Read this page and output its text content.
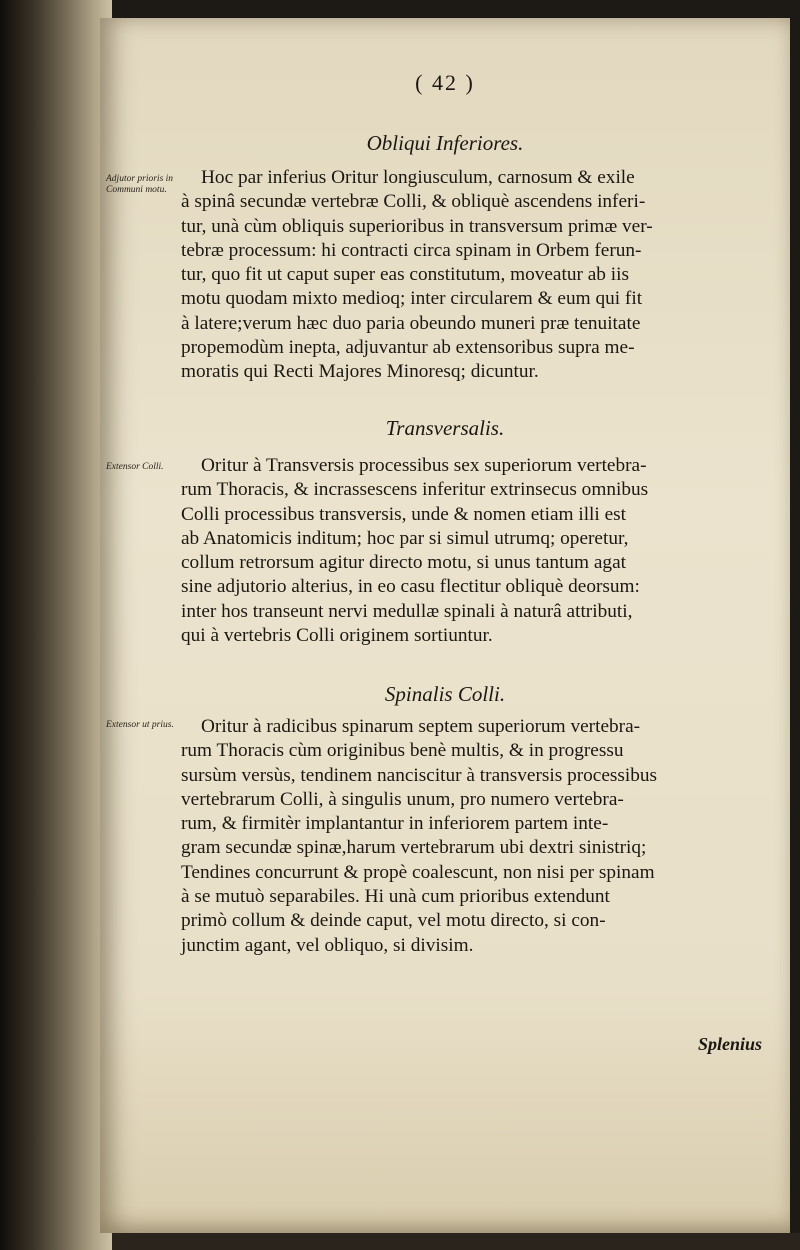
( 42 )
Obliqui Inferiores.
Adjutor prioris in Communi motu.
Hoc par inferius Oritur longiusculum, carnosum & exile
à spinâ secundæ vertebræ Colli, & obliquè ascendens inferi-
tur, unà cùm obliquis superioribus in transversum primæ ver-
tebræ processum: hi contracti circa spinam in Orbem ferun-
tur, quo fit ut caput super eas constitutum, moveatur ab iis
motu quodam mixto medioq; inter circularem & eum qui fit
à latere;verum hæc duo paria obeundo muneri præ tenuitate
propemodùm inepta, adjuvantur ab extensoribus supra me-
moratis qui Recti Majores Minoresq; dicuntur.
Transversalis.
Extensor Colli.	Oritur à Transversis processibus sex superiorum vertebra-
rum Thoracis, & incrassescens inferitur extrinsecus omnibus
Colli processibus transversis, unde & nomen etiam illi est
ab Anatomicis inditum; hoc par si simul utrumq; operetur,
collum retrorsum agitur directo motu, si unus tantum agat
sine adjutorio alterius, in eo casu flectitur obliquè deorsum:
inter hos transeunt nervi medullæ spinali à naturâ attributi,
qui à vertebris Colli originem sortiuntur.
Spinalis Colli.
Extensor ut prius.	Oritur à radicibus spinarum septem superiorum vertebra-
rum Thoracis cùm originibus benè multis, & in progressu
sursùm versùs, tendinem nanciscitur à transversis processibus
vertebrarum Colli, à singulis unum, pro numero vertebra-
rum, & firmitèr implantantur in inferiorem partem inte-
gram secundæ spinæ,harum vertebrarum ubi dextri sinistriq;
Tendines concurrunt & propè coalescunt, non nisi per spinam
à se mutuò separabiles. Hi unà cum prioribus extendunt
primò collum & deinde caput, vel motu directo, si con-
junctim agant, vel obliquo, si divisim.
Splenius
